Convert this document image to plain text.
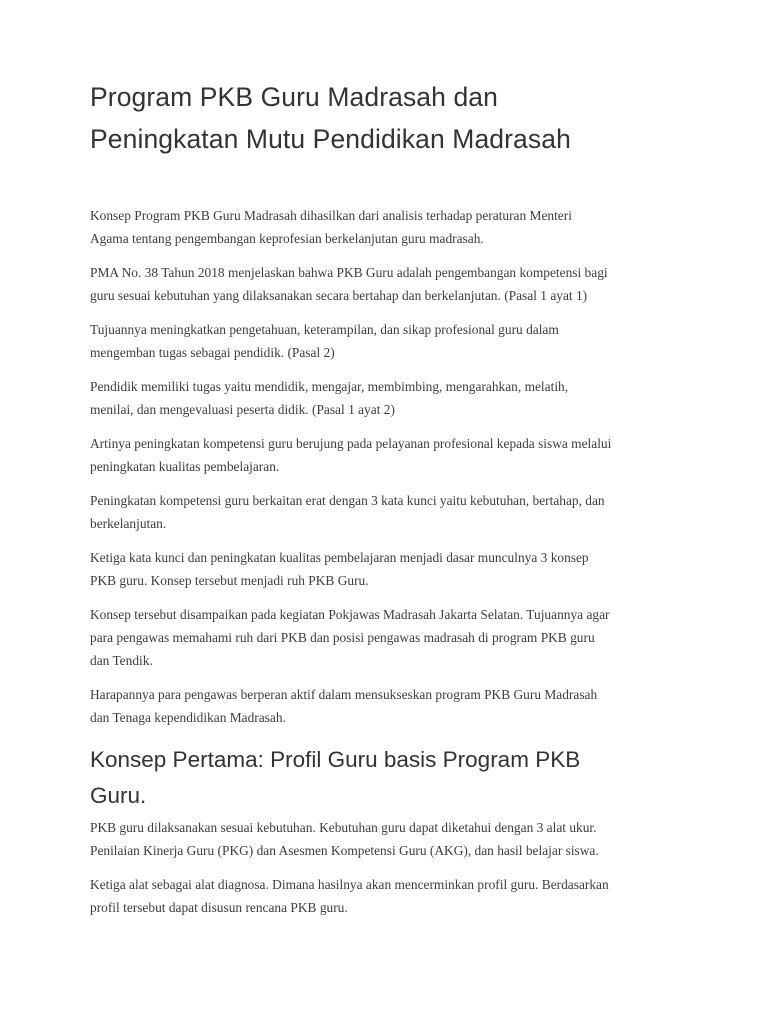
Program PKB Guru Madrasah dan
Peningkatan Mutu Pendidikan Madrasah

Konsep Program PKB Guru Madrasah dihasilkan dari analisis terhadap peraturan Menteri
Agama tentang pengembangan keprofesian berkelanjutan guru madrasah.

PMA No. 38 Tahun 2018 menjelaskan bahwa PKB Guru adalah pengembangan kompetensi bagi
guru sesuai kebutuhan yang dilaksanakan secara bertahap dan berkelanjutan. (Pasal 1 ayat 1)

Tujuannya meningkatkan pengetahuan, keterampilan, dan sikap profesional guru dalam
mengemban tugas sebagai pendidik. (Pasal 2)

Pendidik memiliki tugas yaitu mendidik, mengajar, membimbing, mengarahkan, melatih,
menilai, dan mengevaluasi peserta didik. (Pasal 1 ayat 2)

Artinya peningkatan kompetensi guru berujung pada pelayanan profesional kepada siswa melalui
peningkatan kualitas pembelajaran.

Peningkatan kompetensi guru berkaitan erat dengan 3 kata kunci yaitu kebutuhan, bertahap, dan
berkelanjutan.

Ketiga kata kunci dan peningkatan kualitas pembelajaran menjadi dasar munculnya 3 konsep
PKB guru. Konsep tersebut menjadi ruh PKB Guru.

Konsep tersebut disampaikan pada kegiatan Pokjawas Madrasah Jakarta Selatan. Tujuannya agar
para pengawas memahami ruh dari PKB dan posisi pengawas madrasah di program PKB guru
dan Tendik.

Harapannya para pengawas berperan aktif dalam mensukseskan program PKB Guru Madrasah
dan Tenaga kependidikan Madrasah.

Konsep Pertama: Profil Guru basis Program PKB
Guru.

PKB guru dilaksanakan sesuai kebutuhan. Kebutuhan guru dapat diketahui dengan 3 alat ukur.
Penilaian Kinerja Guru (PKG) dan Asesmen Kompetensi Guru (AKG), dan hasil belajar siswa.

Ketiga alat sebagai alat diagnosa. Dimana hasilnya akan mencerminkan profil guru. Berdasarkan
profil tersebut dapat disusun rencana PKB guru.
